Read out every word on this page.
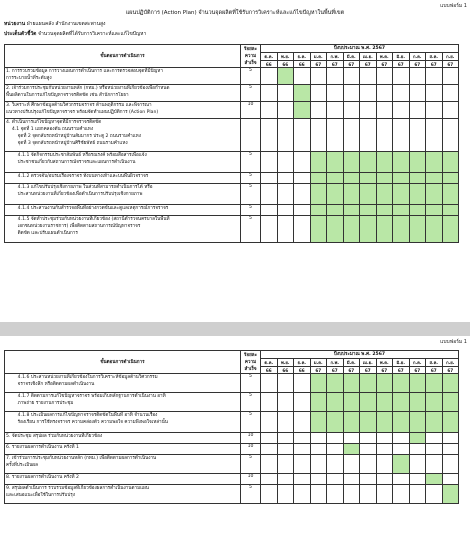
แบบฟอร์ม 1
แผนปฏิบัติการ (Action Plan) จำนวนจุดผลิตที่ใช้รับการวิเคราะห์และแก้ไขปัญหาในพื้นที่เขต
หน่วยงาน ฝ่ายแผนคลัง สำนักงานเขตสะพานสูง
ประเด็นตัวชี้วัด จำนวนจุดผลิตที่ได้รับการวิเคราะห์และแก้ไขปัญหา
ขั้นตอนการดำเนินการ	ร้อยละความสำเร็จ	ปีงบประมาณ พ.ศ. 2567											
		ต.ค.	พ.ย.	ธ.ค.	ม.ค.	ก.พ.	มี.ค.	เม.ย.	พ.ค.	มิ.ย.	ก.ค.	ส.ค.	ก.ย.
		66	66	66	67	67	67	67	67	67	67	67	67

1. การรวบรวมข้อมูล การวางแผนการดำเนินการ และการตรวจสอบจุดที่มีปัญหา
การระบายน้ำที่ระดับสูง	5												

2. เจ้าร่วมการประชุมกับหน่วยงานหลัก (กทม.) หรือหน่วยงานที่เกี่ยวข้องเพื่อกำหนด
พื้นผลิตานในการแก้ไขปัญหาจราจรติดขัด เช่น สำนักการโยธา	5												

3. วิเคราะห์ ศึกษาข้อมูลด้านวิศวกรรมจราจร ด้านพฤติกรรม และพิจารณา
แนวทางปรับปรุงแก้ไขปัญหาจราจร พร้อมจัดทำแผนปฏิบัติการ (Action Plan)	10												

4. ดำเนินการแก้ไขปัญหาจุดที่มีการจราจรติดขัด
4.1 จุดที่ 1 แยกคลองตัน ถนนรามคำแหง
จุดที่ 2 จุดกลับรถหน้าหมู่บ้านสัมมากร ประตู 2 ถนนรามคำแหง
จุดที่ 3 จุดกลับรถหน้าหมู่บ้านศิริชัยพัทธ์ ถนนรามคำแหง													

4.1.1 จัดกิจกรรมประชาสัมพันธ์ หรือรณรงค์ พร้อมสื่อสารเพื่อแจ้ง
ประชาชนเกี่ยวกับสถานการณ์จราจรและแผนการดำเนินงาน	5												

4.1.2 ตรวจจับ/อบรมเรื่องจราจร ทั้งบนทางเท้าและบนพื้นผิวจราจร	5												

4.1.3 แก้ไขปรับปรุงเชิงกายภาพ ในส่วนที่สามารถดำเนินการได้ หรือ
ประสานหน่วยงานที่เกี่ยวข้องเพื่อดำเนินการปรับปรุงเชิงกายภาพ	5												

4.1.4 ประสานงานกับสำรวจอพื้นที่อย่างกวดขันและดูแลเหตุการณ์การจราจร	5												

4.1.5 จัดทำประชุมร่วมกับหน่วยงานที่เกี่ยวข้อง (สถานีตำรวจนครบาลในพื้นที่
เอกชนหน่วยงานราชการ) เพื่อติดตามสถานการณ์ปัญหาจราจร
ติดขัด และปรับแผนดำเนินการ	5												
แบบฟอร์ม 1
ขั้นตอนการดำเนินการ	ร้อยละความสำเร็จ	ปีงบประมาณ พ.ศ. 2567											
		ต.ค.	พ.ย.	ธ.ค.	ม.ค.	ก.พ.	มี.ค.	เม.ย.	พ.ค.	มิ.ย.	ก.ค.	ส.ค.	ก.ย.
		66	66	66	67	67	67	67	67	67	67	67	67

4.1.6 ประสานหน่วยงานที่เกี่ยวข้องในการวิเคราะห์ข้อมูลด้านวิศวกรรม
จราจรเชิงลึก หรือติดตามผลดำเนินงาน	5												

4.1.7 ติดตามการแก้ไขปัญหาจราจร พร้อมเก็บหลักฐานการดำเนินงาน อาทิ
ภาพถ่าย รายงานการประชุม	5												

4.1.8 ประเมินผลการแก้ไขปัญหาจราจรติดขัดในพื้นที่ อาทิ จำนวนเรื่อง
ร้องเรียน การใช้ทรงจราจร ความคล่องตัว ความพอใจ ความพึงพอใจเหล่านั้น	5												

5. จัดประชุม สรุปผล ร่วมกับหน่วยงานที่เกี่ยวข้อง	10												

6. รายงานผลการดำเนินงาน ครั้งที่ 1	10												

7. เข้าร่วมการประชุมกับหน่วยงานหลัก (กทม.) เพื่อติดตามผลการดำเนินงาน
ครั้งที่ประเมินผล	5												

8. รายงานผลการดำเนินงาน ครั้งที่ 2	10												

9. สรุปผลดำเนินการ รวบรวมข้อมูลที่เกี่ยวข้องผลการดำเนินงานตามแผน
และเสนอแนะเพื่อใช้ในการปรับปรุง	5												
